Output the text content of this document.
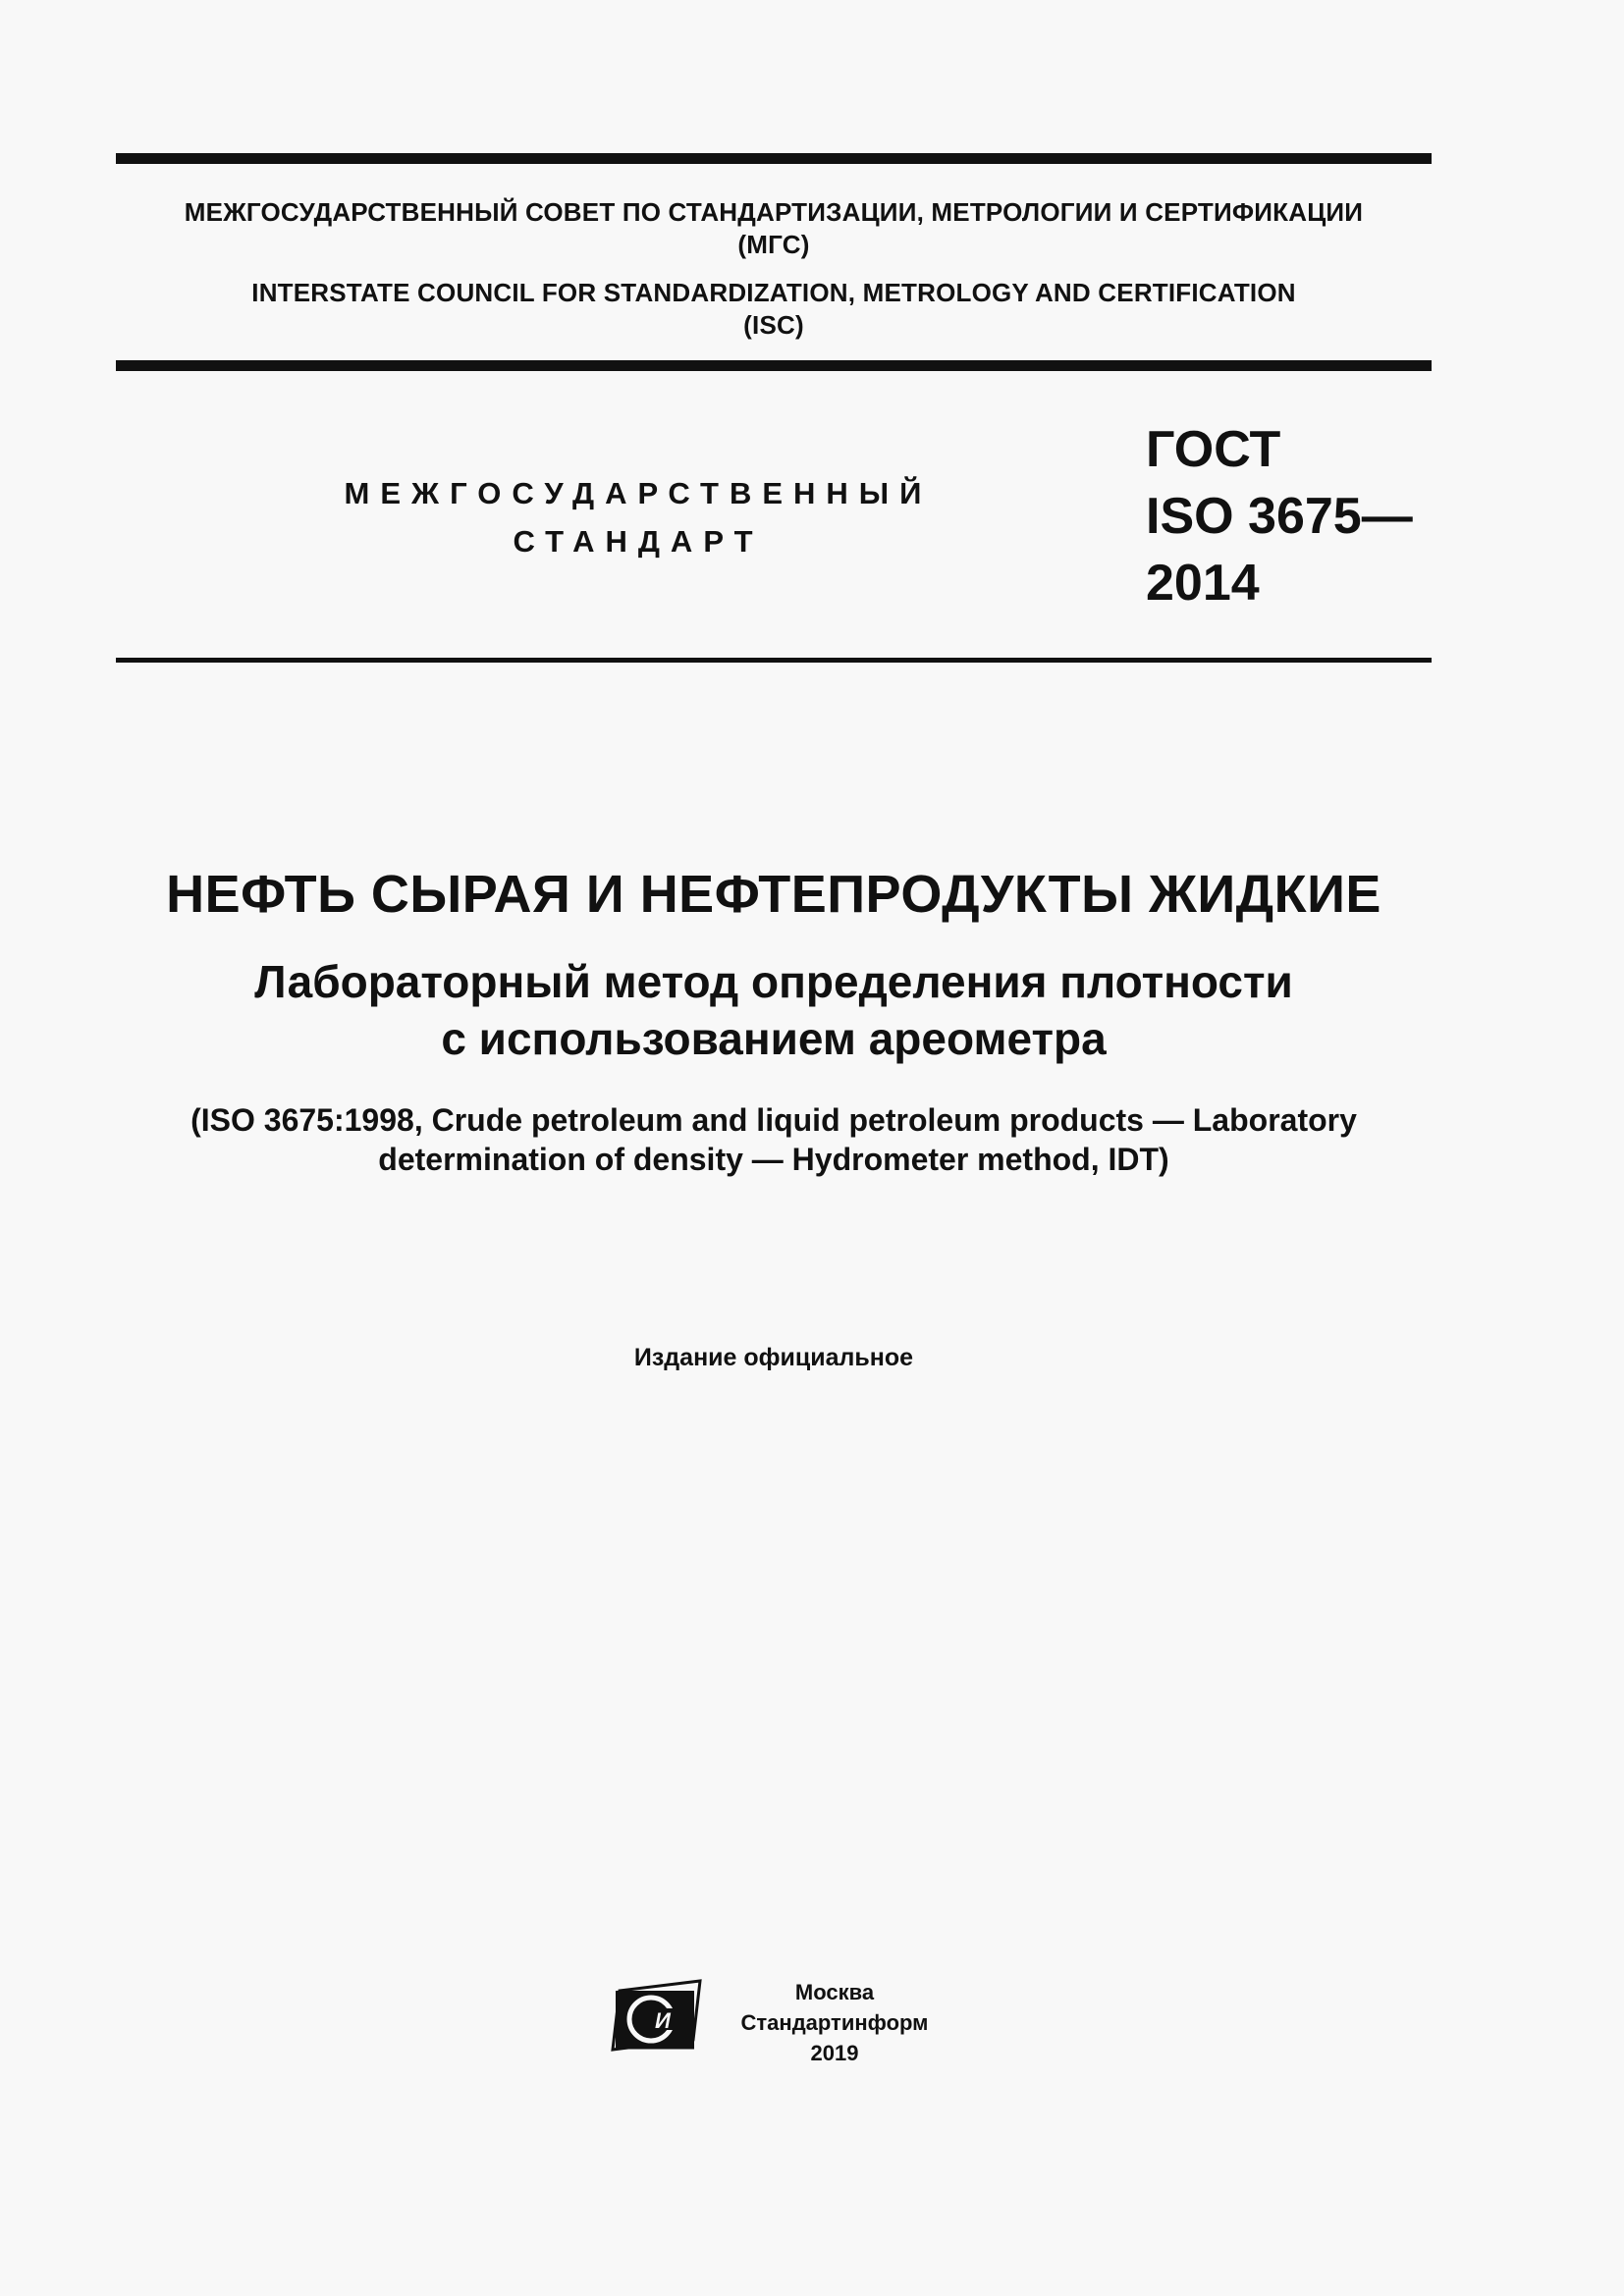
МЕЖГОСУДАРСТВЕННЫЙ СОВЕТ ПО СТАНДАРТИЗАЦИИ, МЕТРОЛОГИИ И СЕРТИФИКАЦИИ
(МГС)
INTERSTATE COUNCIL FOR STANDARDIZATION, METROLOGY AND CERTIFICATION
(ISC)
МЕЖГОСУДАРСТВЕННЫЙ
СТАНДАРТ
ГОСТ
ISO 3675—
2014
НЕФТЬ СЫРАЯ И НЕФТЕПРОДУКТЫ ЖИДКИЕ
Лабораторный метод определения плотности
с использованием ареометра
(ISO 3675:1998, Crude petroleum and liquid petroleum products — Laboratory
determination of density — Hydrometer method, IDT)
Издание официальное
И
Москва
Стандартинформ
2019
